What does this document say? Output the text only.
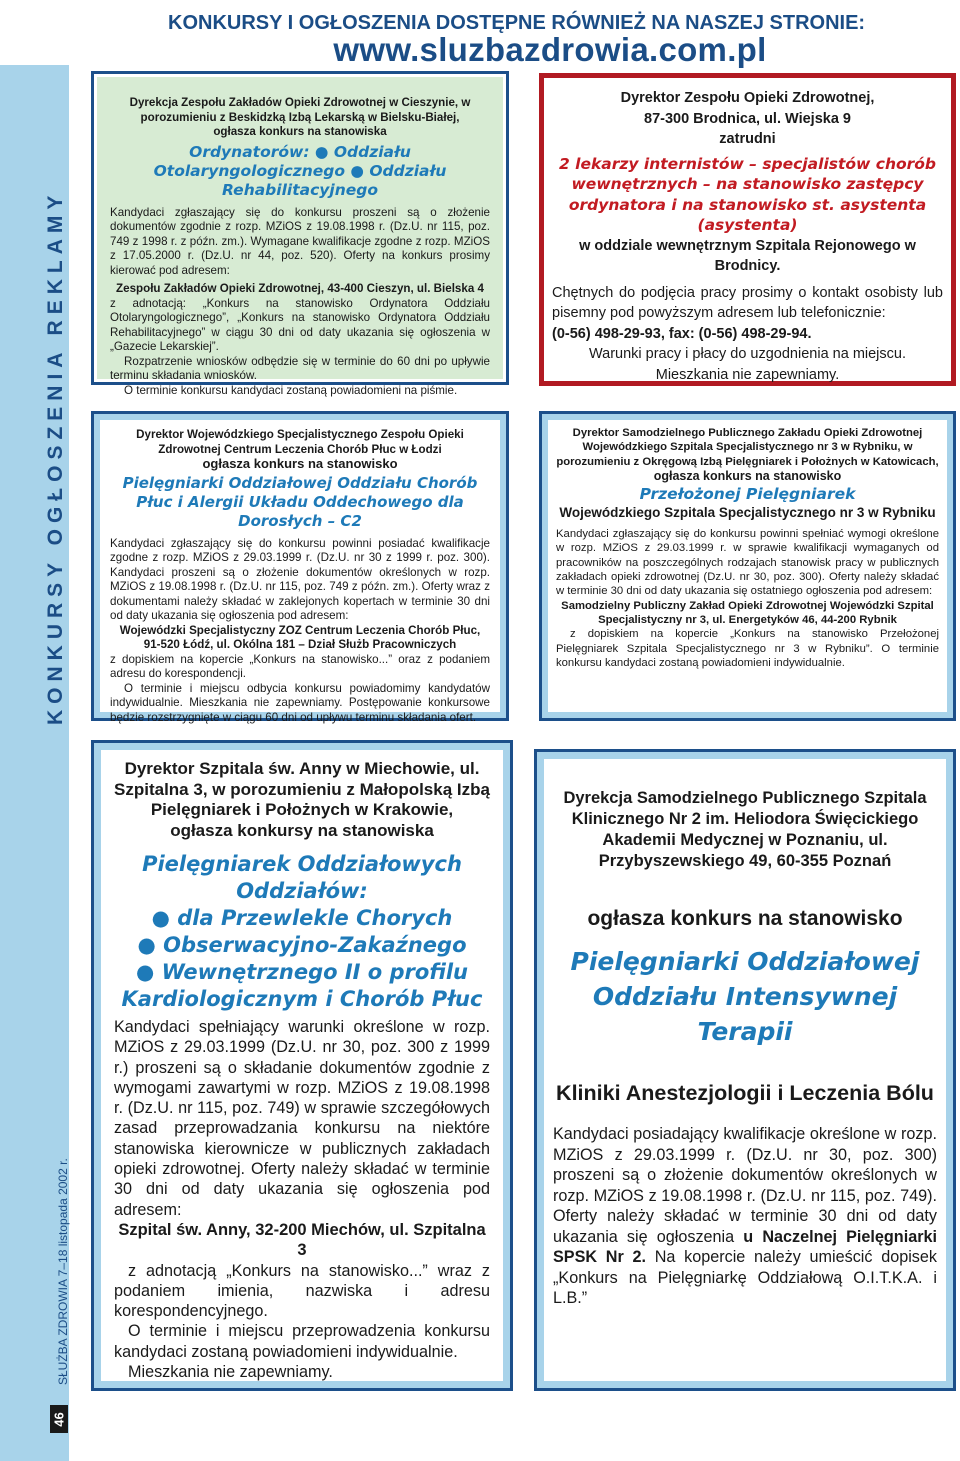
KONKURSY I OGŁOSZENIA DOSTĘPNE RÓWNIEŻ NA NASZEJ STRONIE:
www.sluzbazdrowia.com.pl
KONKURSY OGŁOSZENIA REKLAMY
SŁUŻBA ZDROWIA 7–18 listopada 2002 r.
46

Dyrekcja Zespołu Zakładów Opieki Zdrowotnej w Cieszynie, w porozumieniu z Beskidzką Izbą Lekarską w Bielsku-Białej,

ogłasza konkurs na stanowiska

Ordynatorów: ● Oddziału Otolaryngologicznego ● Oddziału Rehabilitacyjnego

Kandydaci zgłaszający się do konkursu proszeni są o złożenie dokumentów zgodnie z rozp. MZiOS z 19.08.1998 r. (Dz.U. nr 115, poz. 749 z 1998 r. z późn. zm.). Wymagane kwalifikacje zgodne z rozp. MZiOS z 17.05.2000 r. (Dz.U. nr 44, poz. 520). Oferty na konkurs prosimy kierować pod adresem:

Zespołu Zakładów Opieki Zdrowotnej, 43-400 Cieszyn, ul. Bielska 4

z adnotacją: „Konkurs na stanowisko Ordynatora Oddziału Otolaryngologicznego”, „Konkurs na stanowisko Ordynatora Oddziału Rehabilitacyjnego” w ciągu 30 dni od daty ukazania się ogłoszenia w „Gazecie Lekarskiej”.

Rozpatrzenie wniosków odbędzie się w terminie do 60 dni po upływie terminu składania wniosków.

O terminie konkursu kandydaci zostaną powiadomieni na piśmie.

Dyrektor Zespołu Opieki Zdrowotnej,

87-300 Brodnica, ul. Wiejska 9

zatrudni

2 lekarzy internistów – specjalistów chorób wewnętrznych – na stanowisko zastępcy ordynatora i na stanowisko st. asystenta (asystenta)

w oddziale wewnętrznym Szpitala Rejonowego w Brodnicy.

Chętnych do podjęcia pracy prosimy o kontakt osobisty lub pisemny pod powyższym adresem lub telefonicznie:

(0-56) 498-29-93, fax: (0-56) 498-29-94.

Warunki pracy i płacy do uzgodnienia na miejscu.

Mieszkania nie zapewniamy.

Dyrektor Wojewódzkiego Specjalistycznego Zespołu Opieki Zdrowotnej Centrum Leczenia Chorób Płuc w Łodzi

ogłasza konkurs na stanowisko

Pielęgniarki Oddziałowej Oddziału Chorób Płuc i Alergii Układu Oddechowego dla Dorosłych – C2

Kandydaci zgłaszający się do konkursu powinni posiadać kwalifikacje zgodne z rozp. MZiOS z 29.03.1999 r. (Dz.U. nr 30 z 1999 r. poz. 300). Kandydaci proszeni są o złożenie dokumentów określonych w rozp. MZiOS z 19.08.1998 r. (Dz.U. nr 115, poz. 749 z późn. zm.). Oferty wraz z dokumentami należy składać w zaklejonych kopertach w terminie 30 dni od daty ukazania się ogłoszenia pod adresem:

Wojewódzki Specjalistyczny ZOZ Centrum Leczenia Chorób Płuc, 91-520 Łódź, ul. Okólna 181 – Dział Służb Pracowniczych

z dopiskiem na kopercie „Konkurs na stanowisko...” oraz z podaniem adresu do korespondencji.

O terminie i miejscu odbycia konkursu powiadomimy kandydatów indywidualnie. Mieszkania nie zapewniamy. Postępowanie konkursowe będzie rozstrzygnięte w ciągu 60 dni od upływu terminu składania ofert.

Dyrektor Samodzielnego Publicznego Zakładu Opieki Zdrowotnej Wojewódzkiego Szpitala Specjalistycznego nr 3 w Rybniku, w porozumieniu z Okręgową Izbą Pielęgniarek i Położnych w Katowicach,

ogłasza konkurs na stanowisko

Przełożonej Pielęgniarek

Wojewódzkiego Szpitala Specjalistycznego nr 3 w Rybniku

Kandydaci zgłaszający się do konkursu powinni spełniać wymogi określone w rozp. MZiOS z 29.03.1999 r. w sprawie kwalifikacji wymaganych od pracowników na poszczególnych rodzajach stanowisk pracy w publicznych zakładach opieki zdrowotnej (Dz.U. nr 30, poz. 300). Oferty należy składać w terminie 30 dni od daty ukazania się ostatniego ogłoszenia pod adresem:

Samodzielny Publiczny Zakład Opieki Zdrowotnej Wojewódzki Szpital Specjalistyczny nr 3, ul. Energetyków 46, 44-200 Rybnik

z dopiskiem na kopercie „Konkurs na stanowisko Przełożonej Pielęgniarek Szpitala Specjalistycznego nr 3 w Rybniku”. O terminie konkursu kandydaci zostaną powiadomieni indywidualnie.

Dyrektor Szpitala św. Anny w Miechowie, ul. Szpitalna 3, w porozumieniu z Małopolską Izbą Pielęgniarek i Położnych w Krakowie,

ogłasza konkursy na stanowiska

Pielęgniarek Oddziałowych Oddziałów:

● dla Przewlekle Chorych

● Obserwacyjno-Zakaźnego

● Wewnętrznego II o profilu Kardiologicznym i Chorób Płuc

Kandydaci spełniający warunki określone w rozp. MZiOS z 29.03.1999 (Dz.U. nr 30, poz. 300 z 1999 r.) proszeni są o składanie dokumentów zgodnie z wymogami zawartymi w rozp. MZiOS z 19.08.1998 r. (Dz.U. nr 115, poz. 749) w sprawie szczegółowych zasad przeprowadzania konkursu na niektóre stanowiska kierownicze w publicznych zakładach opieki zdrowotnej. Oferty należy składać w terminie 30 dni od daty ukazania się ogłoszenia pod adresem:

Szpital św. Anny, 32-200 Miechów, ul. Szpitalna 3

z adnotacją „Konkurs na stanowisko...” wraz z podaniem imienia, nazwiska i adresu korespondencyjnego.

O terminie i miejscu przeprowadzenia konkursu kandydaci zostaną powiadomieni indywidualnie.

Mieszkania nie zapewniamy.

Dyrekcja Samodzielnego Publicznego Szpitala Klinicznego Nr 2 im. Heliodora Święcickiego Akademii Medycznej w Poznaniu, ul. Przybyszewskiego 49, 60-355 Poznań

ogłasza konkurs na stanowisko

Pielęgniarki Oddziałowej Oddziału Intensywnej Terapii

Kliniki Anestezjologii i Leczenia Bólu

Kandydaci posiadający kwalifikacje określone w rozp. MZiOS z 29.03.1999 r. (Dz.U. nr 30, poz. 300) proszeni są o złożenie dokumentów określonych w rozp. MZiOS z 19.08.1998 r. (Dz.U. nr 115, poz. 749). Oferty należy składać w terminie 30 dni od daty ukazania się ogłoszenia u Naczelnej Pielęgniarki SPSK Nr 2. Na kopercie należy umieścić dopisek „Konkurs na Pielęgniarkę Oddziałową O.I.T.K.A. i L.B.”
